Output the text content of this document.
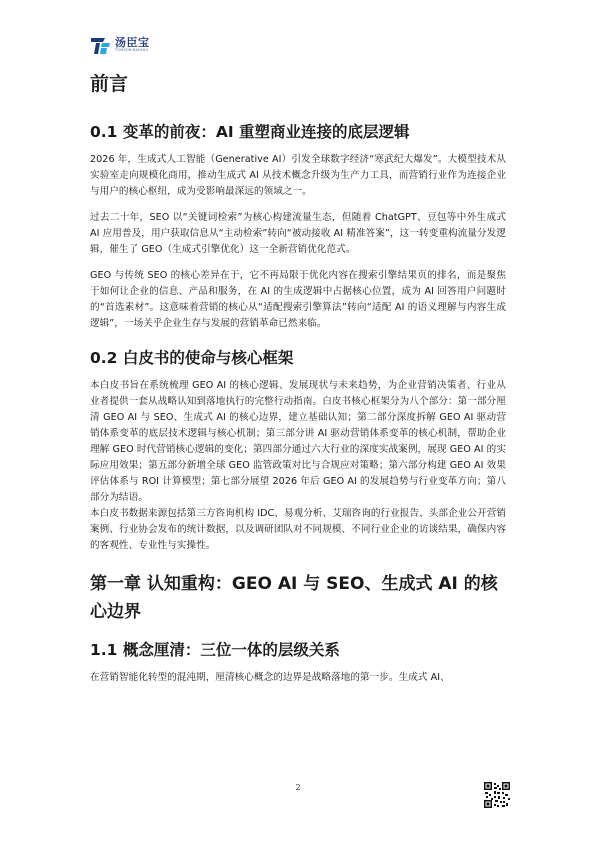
汤臣宝
TOMSON BAOHUI
前言
0.1 变革的前夜：AI 重塑商业连接的底层逻辑

2026 年，生成式人工智能（Generative AI）引发全球数字经济“寒武纪大爆发”。大模型技术从实验室走向规模化商用，推动生成式 AI 从技术概念升级为生产力工具，而营销行业作为连接企业与用户的核心枢纽，成为受影响最深远的领域之一。

过去二十年，SEO 以“关键词检索”为核心构建流量生态，但随着 ChatGPT、豆包等中外生成式 AI 应用普及，用户获取信息从“主动检索”转向“被动接收 AI 精准答案”，这一转变重构流量分发逻辑，催生了 GEO（生成式引擎优化）这一全新营销优化范式。

GEO 与传统 SEO 的核心差异在于，它不再局限于优化内容在搜索引擎结果页的排名，而是聚焦于如何让企业的信息、产品和服务，在 AI 的生成逻辑中占据核心位置，成为 AI 回答用户问题时的“首选素材”。这意味着营销的核心从“适配搜索引擎算法”转向“适配 AI 的语义理解与内容生成逻辑”，一场关乎企业生存与发展的营销革命已然来临。

0.2 白皮书的使命与核心框架

本白皮书旨在系统梳理 GEO AI 的核心逻辑、发展现状与未来趋势，为企业营销决策者、行业从业者提供一套从战略认知到落地执行的完整行动指南。白皮书核心框架分为八个部分：第一部分厘清 GEO AI 与 SEO、生成式 AI 的核心边界，建立基础认知；第二部分深度拆解 GEO AI 驱动营销体系变革的底层技术逻辑与核心机制；第三部分讲 AI 驱动营销体系变革的核心机制，帮助企业理解 GEO 时代营销核心逻辑的变化；第四部分通过六大行业的深度实战案例，展现 GEO AI 的实际应用效果；第五部分新增全球 GEO 监管政策对比与合规应对策略；第六部分构建 GEO AI 效果评估体系与 ROI 计算模型；第七部分展望 2026 年后 GEO AI 的发展趋势与行业变革方向；第八部分为结语。

本白皮书数据来源包括第三方咨询机构 IDC、易观分析、艾瑞咨询的行业报告、头部企业公开营销案例、行业协会发布的统计数据，以及调研团队对不同规模、不同行业企业的访谈结果，确保内容的客观性、专业性与实操性。

第一章 认知重构：GEO AI 与 SEO、生成式 AI 的核心边界
1.1 概念厘清：三位一体的层级关系

在营销智能化转型的混沌期，厘清核心概念的边界是战略落地的第一步。生成式 AI、

2
